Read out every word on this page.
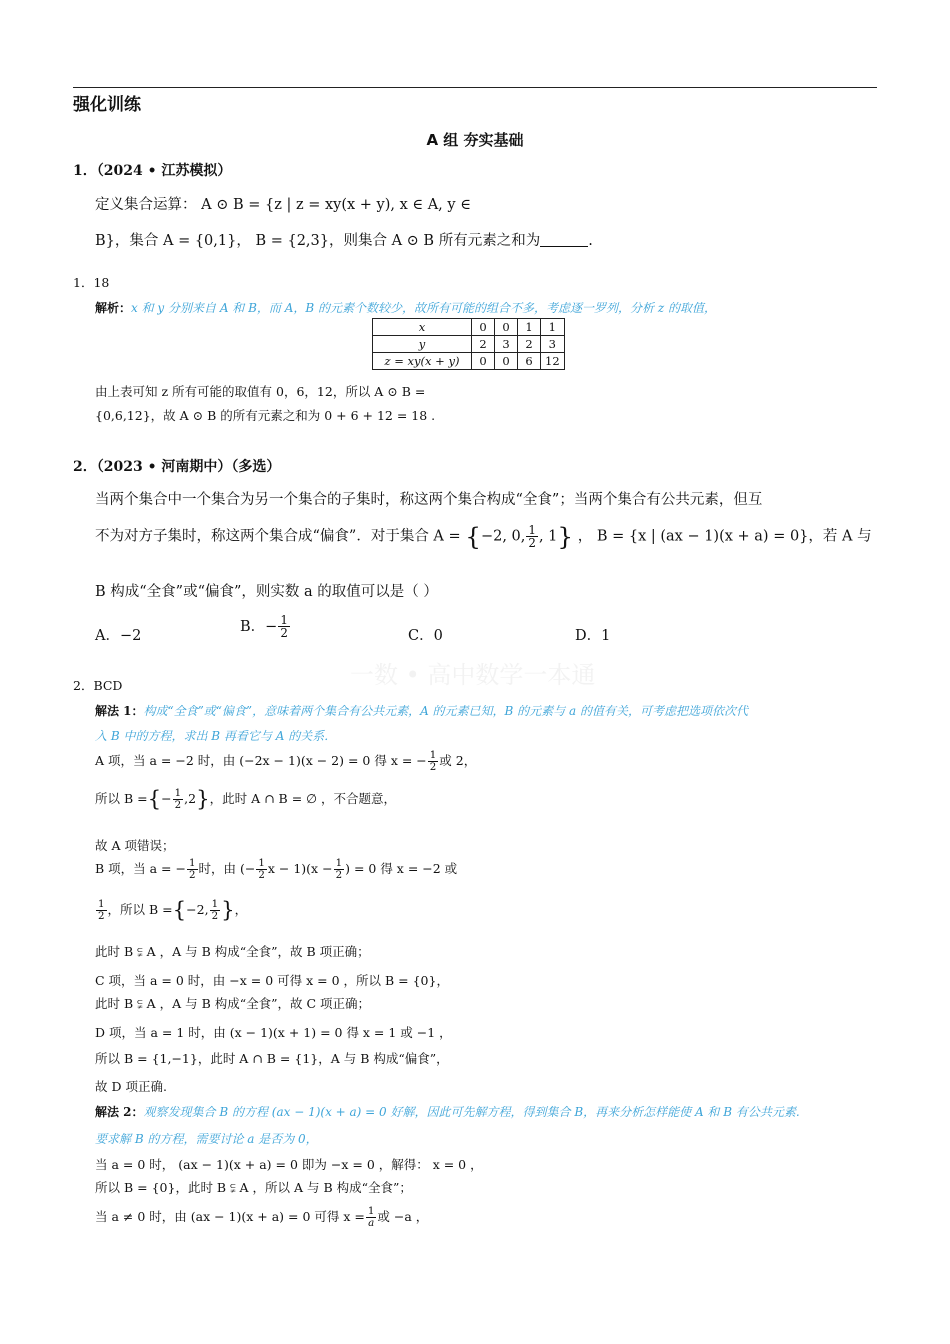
强化训练
A 组 夯实基础
1．（2024 • 江苏模拟）
定义集合运算： A ⊙ B = {z | z = xy(x + y), x ∈ A, y ∈
B}，集合 A = {0,1}， B = {2,3}，则集合 A ⊙ B 所有元素之和为	.
1．18
解析：x 和 y 分别来自 A 和 B，而 A，B 的元素个数较少，故所有可能的组合不多，考虑逐一罗列，分析 z 的取值，
x	0	0	1	1
y	2	3	2	3
z = xy(x + y)	0	0	6	12
由上表可知 z 所有可能的取值有 0，6，12，所以 A ⊙ B =
{0,6,12}，故 A ⊙ B 的所有元素之和为 0 + 6 + 12 = 18 .
2．（2023 • 河南期中）（多选）
当两个集合中一个集合为另一个集合的子集时，称这两个集合构成“全食”；当两个集合有公共元素，但互
不为对方子集时，称这两个集合成“偏食”．对于集合 A = {−2, 0, $\frac{1}{2}$ , 1} ， B = {x | (ax − 1)(x + a) = 0}，若 A 与
B 构成“全食”或“偏食”，则实数 a 的取值可以是（ ）
A．−2
B．− $\frac{1}{2}$	C．0	D．1
一数 • 高中数学一本通
2．BCD
解法 1：构成“全食”或“偏食”，意味着两个集合有公共元素，A 的元素已知，B 的元素与 a 的值有关，可考虑把选项依次代
入 B 中的方程，求出 B 再看它与 A 的关系．
A 项，当 a = −2 时，由 (−2x − 1)(x − 2) = 0 得 x = − $\frac{1}{2}$ 或 2，
所以 B ={− $\frac{1}{2} ,2$}，此时 A ∩ B = ∅ ，不合题意，
故 A 项错误；
B 项，当 a = − $\frac{1}{2}$ 时，由 (− $\frac{1}{2}$ $x - 1)(x - \frac{1}{2}$ ) = 0 得 x = −2 或
$\frac{1}{2}$ ，所以 B ={−2, $\frac{1}{2}$ }，
此时 B ⫋ A ，A 与 B 构成“全食”，故 B 项正确；
C 项，当 a = 0 时，由 −x = 0 可得 x = 0 ，所以 B = {0}，
此时 B ⫋ A ，A 与 B 构成“全食”，故 C 项正确；
D 项，当 a = 1 时，由 (x − 1)(x + 1) = 0 得 x = 1 或 −1 ，
所以 B = {1,−1}，此时 A ∩ B = {1}，A 与 B 构成“偏食”，
故 D 项正确.
解法 2：观察发现集合 B 的方程 (ax − 1)(x + a) = 0 好解，因此可先解方程，得到集合 B，再来分析怎样能使 A 和 B 有公共元素.
要求解 B 的方程，需要讨论 a 是否为 0，
当 a = 0 时， (ax − 1)(x + a) = 0 即为 −x = 0 ，解得： x = 0 ，
所以 B = {0}，此时 B ⫋ A ，所以 A 与 B 构成“全食”；
当 a ≠ 0 时，由 (ax − 1)(x + a) = 0 可得 $x = \frac{1}{a}$ 或 −a ，
